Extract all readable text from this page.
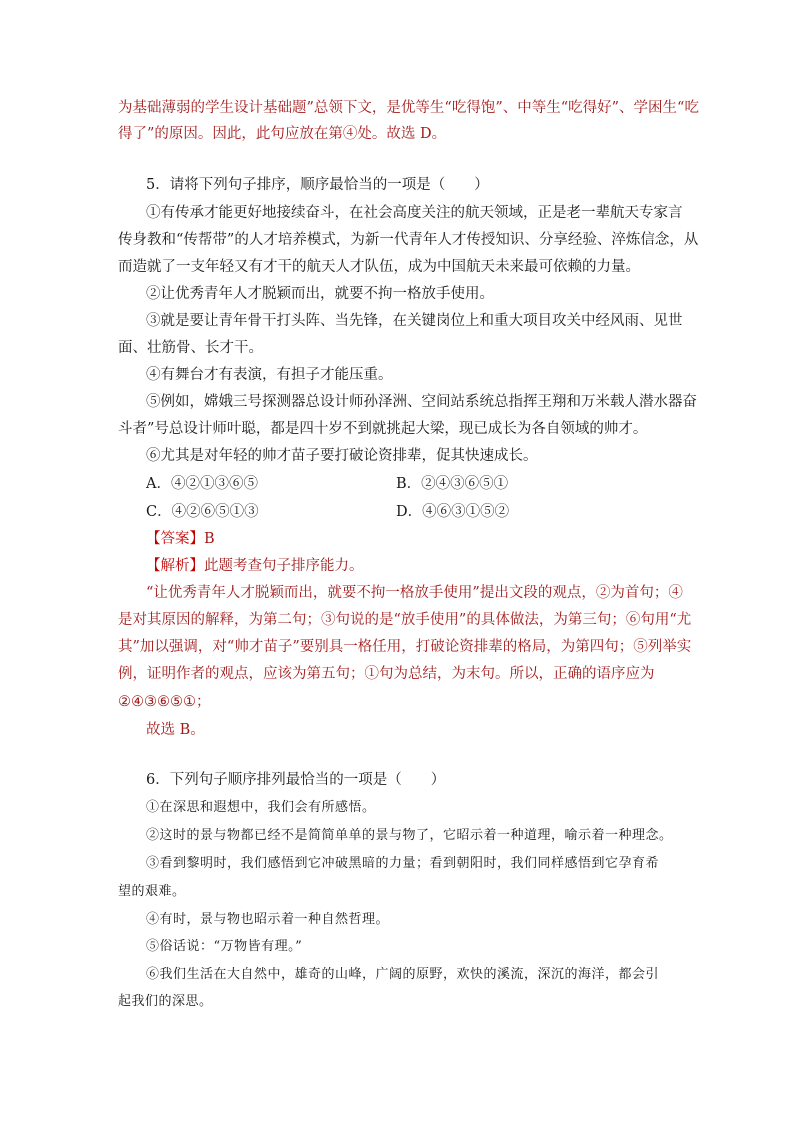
为基础薄弱的学生设计基础题”总领下文，是优等生“吃得饱”、中等生“吃得好”、学困生“吃
得了”的原因。因此，此句应放在第④处。故选 D。
5．请将下列句子排序，顺序最恰当的一项是（　　）
①有传承才能更好地接续奋斗，在社会高度关注的航天领域，正是老一辈航天专家言
传身教和“传帮带”的人才培养模式，为新一代青年人才传授知识、分享经验、淬炼信念，从
而造就了一支年轻又有才干的航天人才队伍，成为中国航天未来最可依赖的力量。
②让优秀青年人才脱颖而出，就要不拘一格放手使用。
③就是要让青年骨干打头阵、当先锋，在关键岗位上和重大项目攻关中经风雨、见世
面、壮筋骨、长才干。
④有舞台才有表演，有担子才能压重。
⑤例如，嫦娥三号探测器总设计师孙泽洲、空间站系统总指挥王翔和万米载人潜水器奋
斗者”号总设计师叶聪，都是四十岁不到就挑起大梁，现已成长为各自领域的帅才。
⑥尤其是对年轻的帅才苗子要打破论资排辈，促其快速成长。
A．④②①③⑥⑤	B．②④③⑥⑤①
C．④②⑥⑤①③	D．④⑥③①⑤②
【答案】B
【解析】此题考查句子排序能力。
“让优秀青年人才脱颖而出，就要不拘一格放手使用”提出文段的观点，②为首句；④
是对其原因的解释，为第二句；③句说的是“放手使用”的具体做法，为第三句；⑥句用“尤
其”加以强调，对“帅才苗子”要别具一格任用，打破论资排辈的格局，为第四句；⑤列举实
例，证明作者的观点，应该为第五句；①句为总结，为末句。所以，正确的语序应为
②④③⑥⑤①；
故选 B。
6．下列句子顺序排列最恰当的一项是（　　）
①在深思和遐想中，我们会有所感悟。
②这时的景与物都已经不是简简单单的景与物了，它昭示着一种道理，喻示着一种理念。
③看到黎明时，我们感悟到它冲破黑暗的力量；看到朝阳时，我们同样感悟到它孕育希
望的艰难。
④有时，景与物也昭示着一种自然哲理。
⑤俗话说：“万物皆有理。”
⑥我们生活在大自然中，雄奇的山峰，广阔的原野，欢快的溪流，深沉的海洋，都会引
起我们的深思。
